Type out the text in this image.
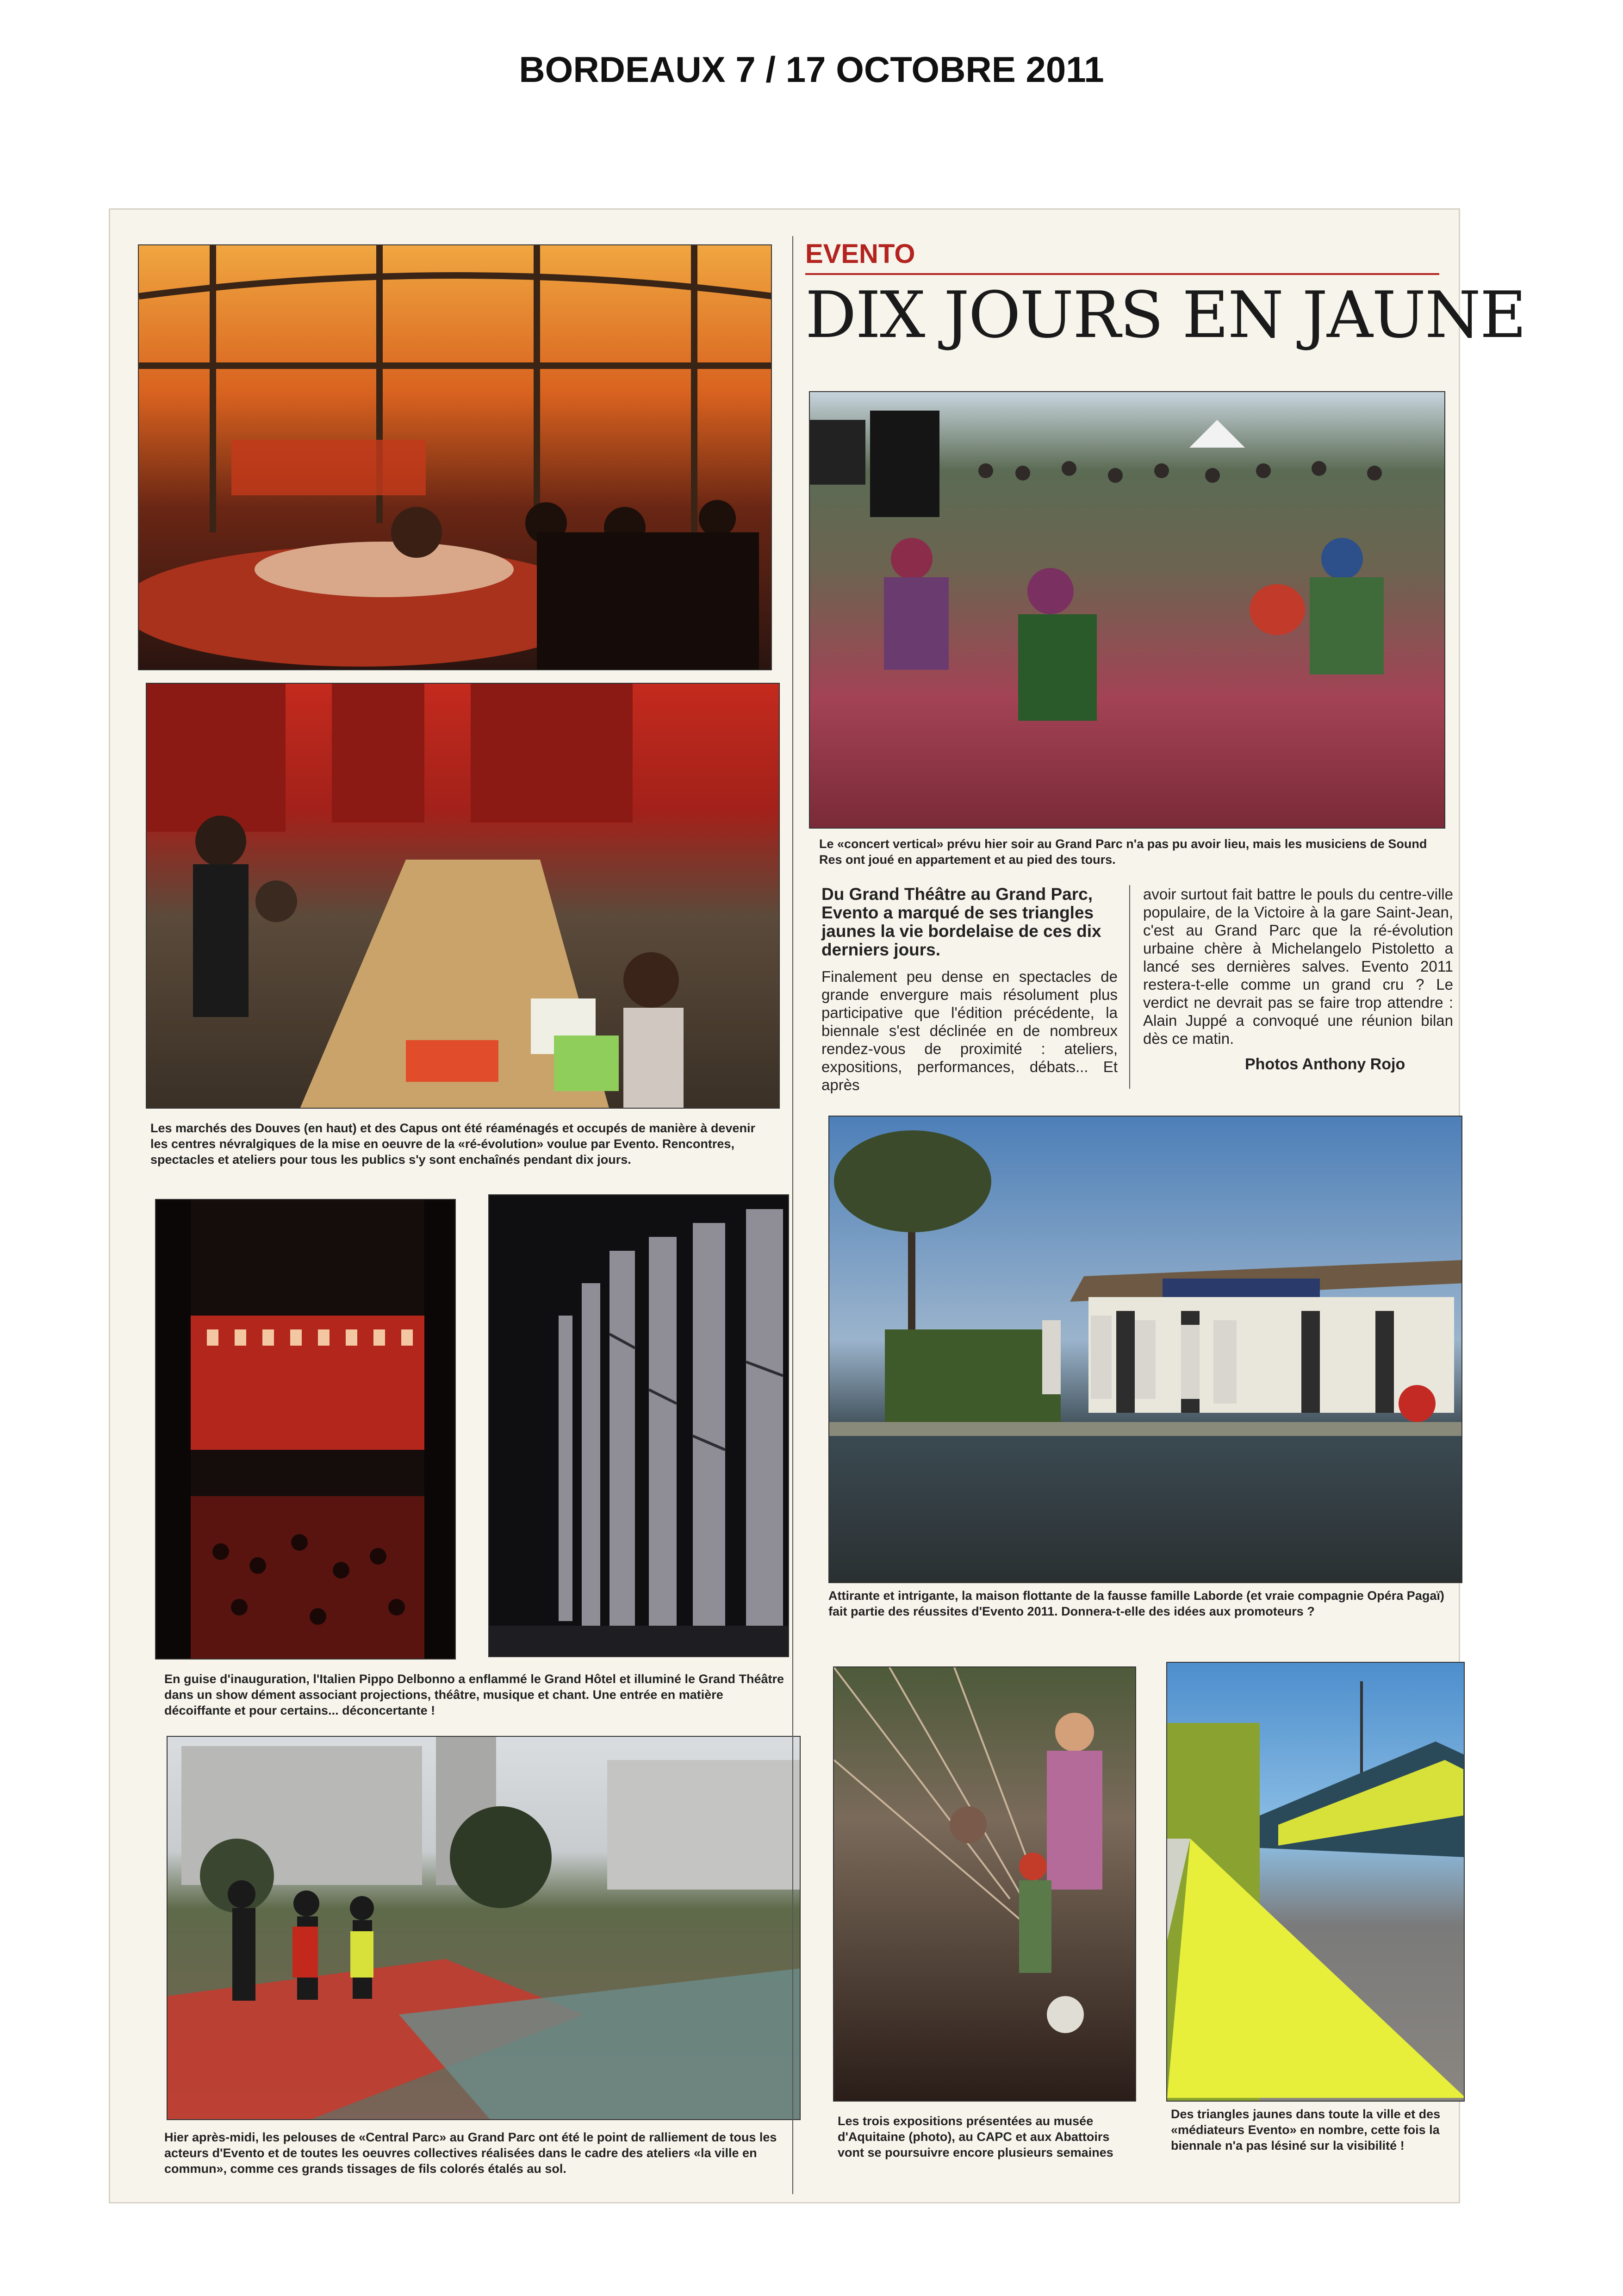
BORDEAUX 7 / 17 OCTOBRE 2011
Les marchés des Douves (en haut) et des Capus ont été réaménagés et occupés de manière à devenir les centres névralgiques de la mise en oeuvre de la «ré-évolution» voulue par Evento. Rencontres, spectacles et ateliers pour tous les publics s'y sont enchaînés pendant dix jours.
En guise d'inauguration, l'Italien Pippo Delbonno a enflammé le Grand Hôtel et illuminé le Grand Théâtre dans un show dément associant projections, théâtre, musique et chant. Une entrée en matière décoiffante et pour certains... déconcertante !
Hier après-midi, les pelouses de «Central Parc» au Grand Parc ont été le point de ralliement de tous les acteurs d'Evento et de toutes les oeuvres collectives réalisées dans le cadre des ateliers «la ville en commun», comme ces grands tissages de fils colorés étalés au sol.
EVENTO
DIX JOURS EN JAUNE
Le «concert vertical» prévu hier soir au Grand Parc n'a pas pu avoir lieu, mais les musiciens de Sound Res ont joué en appartement et au pied des tours.
Du Grand Théâtre au Grand Parc, Evento a marqué de ses triangles jaunes la vie bordelaise de ces dix derniers jours.
Finalement peu dense en spectacles de grande envergure mais résolument plus participative que l'édition précédente, la biennale s'est déclinée en de nombreux rendez-vous de proximité : ateliers, expositions, performances, débats... Et après
avoir surtout fait battre le pouls du centre-ville populaire, de la Victoire à la gare Saint-Jean, c'est au Grand Parc que la ré-évolution urbaine chère à Michelangelo Pistoletto a lancé ses dernières salves. Evento 2011 restera-t-elle comme un grand cru ? Le verdict ne devrait pas se faire trop attendre : Alain Juppé a convoqué une réunion bilan dès ce matin.
Photos Anthony Rojo
Attirante et intrigante, la maison flottante de la fausse famille Laborde (et vraie compagnie Opéra Pagaï) fait partie des réussites d'Evento 2011. Donnera-t-elle des idées aux promoteurs ?
Les trois expositions présentées au musée d'Aquitaine (photo), au CAPC et aux Abattoirs vont se poursuivre encore plusieurs semaines
Des triangles jaunes dans toute la ville et des «médiateurs Evento» en nombre, cette fois la biennale n'a pas lésiné sur la visibilité !
